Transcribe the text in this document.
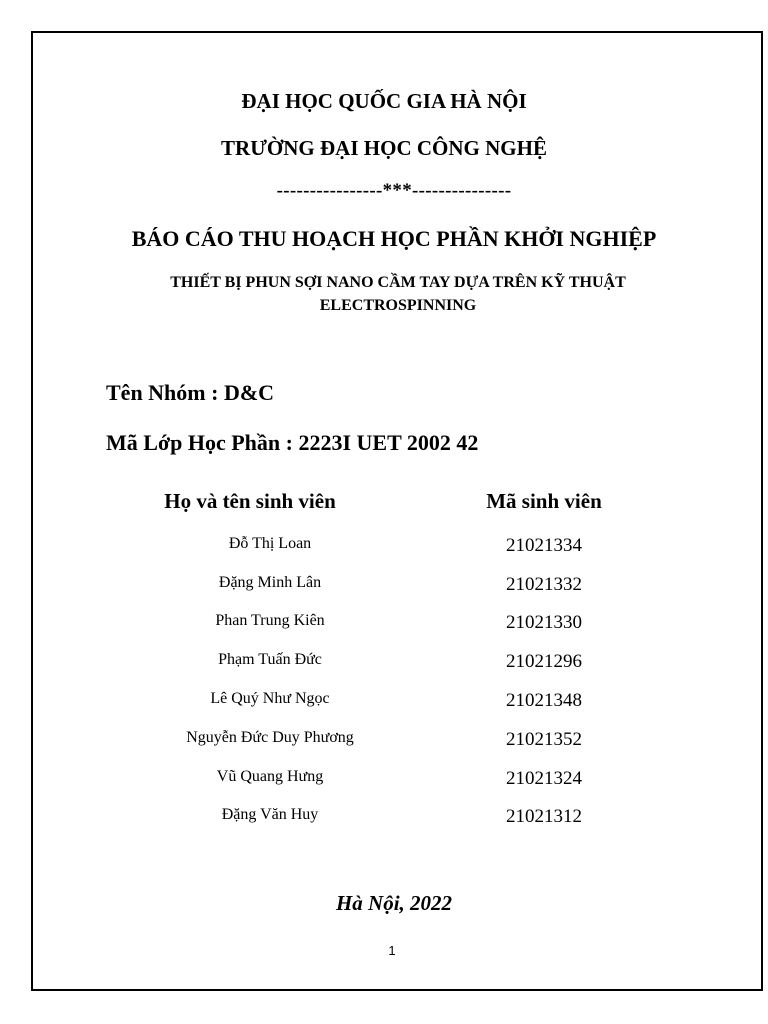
ĐẠI HỌC QUỐC GIA HÀ NỘI
TRƯỜNG ĐẠI HỌC CÔNG NGHỆ
----------------***---------------
BÁO CÁO THU HOẠCH HỌC PHẦN KHỞI NGHIỆP
THIẾT BỊ PHUN SỢI NANO CẦM TAY DỰA TRÊN KỸ THUẬT
ELECTROSPINNING
Tên Nhóm : D&C
Mã Lớp Học Phần : 2223I UET 2002 42
Họ và tên sinh viên	Mã sinh viên
Đỗ Thị Loan	21021334
Đặng Minh Lân	21021332
Phan Trung Kiên	21021330
Phạm Tuấn Đức	21021296
Lê Quý Như Ngọc	21021348
Nguyễn Đức Duy Phương	21021352
Vũ Quang Hưng	21021324
Đặng Văn Huy	21021312
Hà Nội, 2022
1
